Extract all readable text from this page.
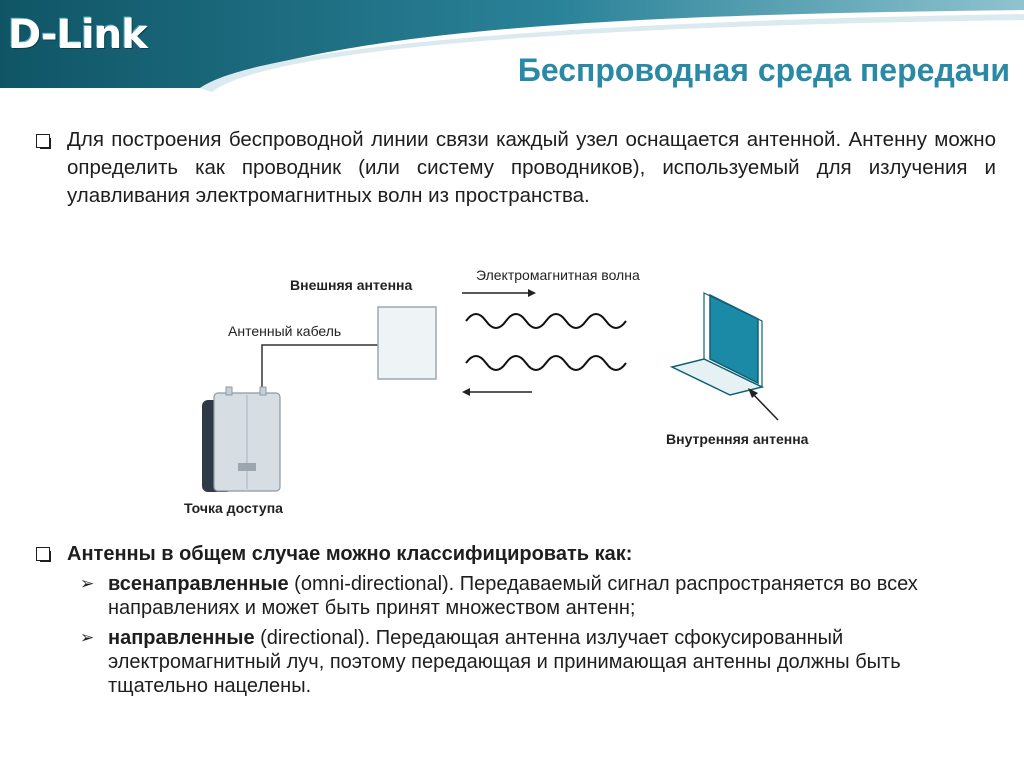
D-Link
Беспроводная среда передачи
Для построения беспроводной линии связи каждый узел оснащается антенной. Антенну можно определить как проводник (или систему проводников), используемый для излучения и улавливания электромагнитных волн из пространства.
Внешняя антенна
Антенный кабель
Электромагнитная волна
Точка доступа
Внутренняя антенна
Антенны в общем случае можно классифицировать как:
➢ всенаправленные (omni-directional). Передаваемый сигнал распространяется во всех направлениях и может быть принят множеством антенн;
➢ направленные (directional). Передающая антенна излучает сфокусированный электромагнитный луч, поэтому передающая и принимающая антенны должны быть тщательно нацелены.
